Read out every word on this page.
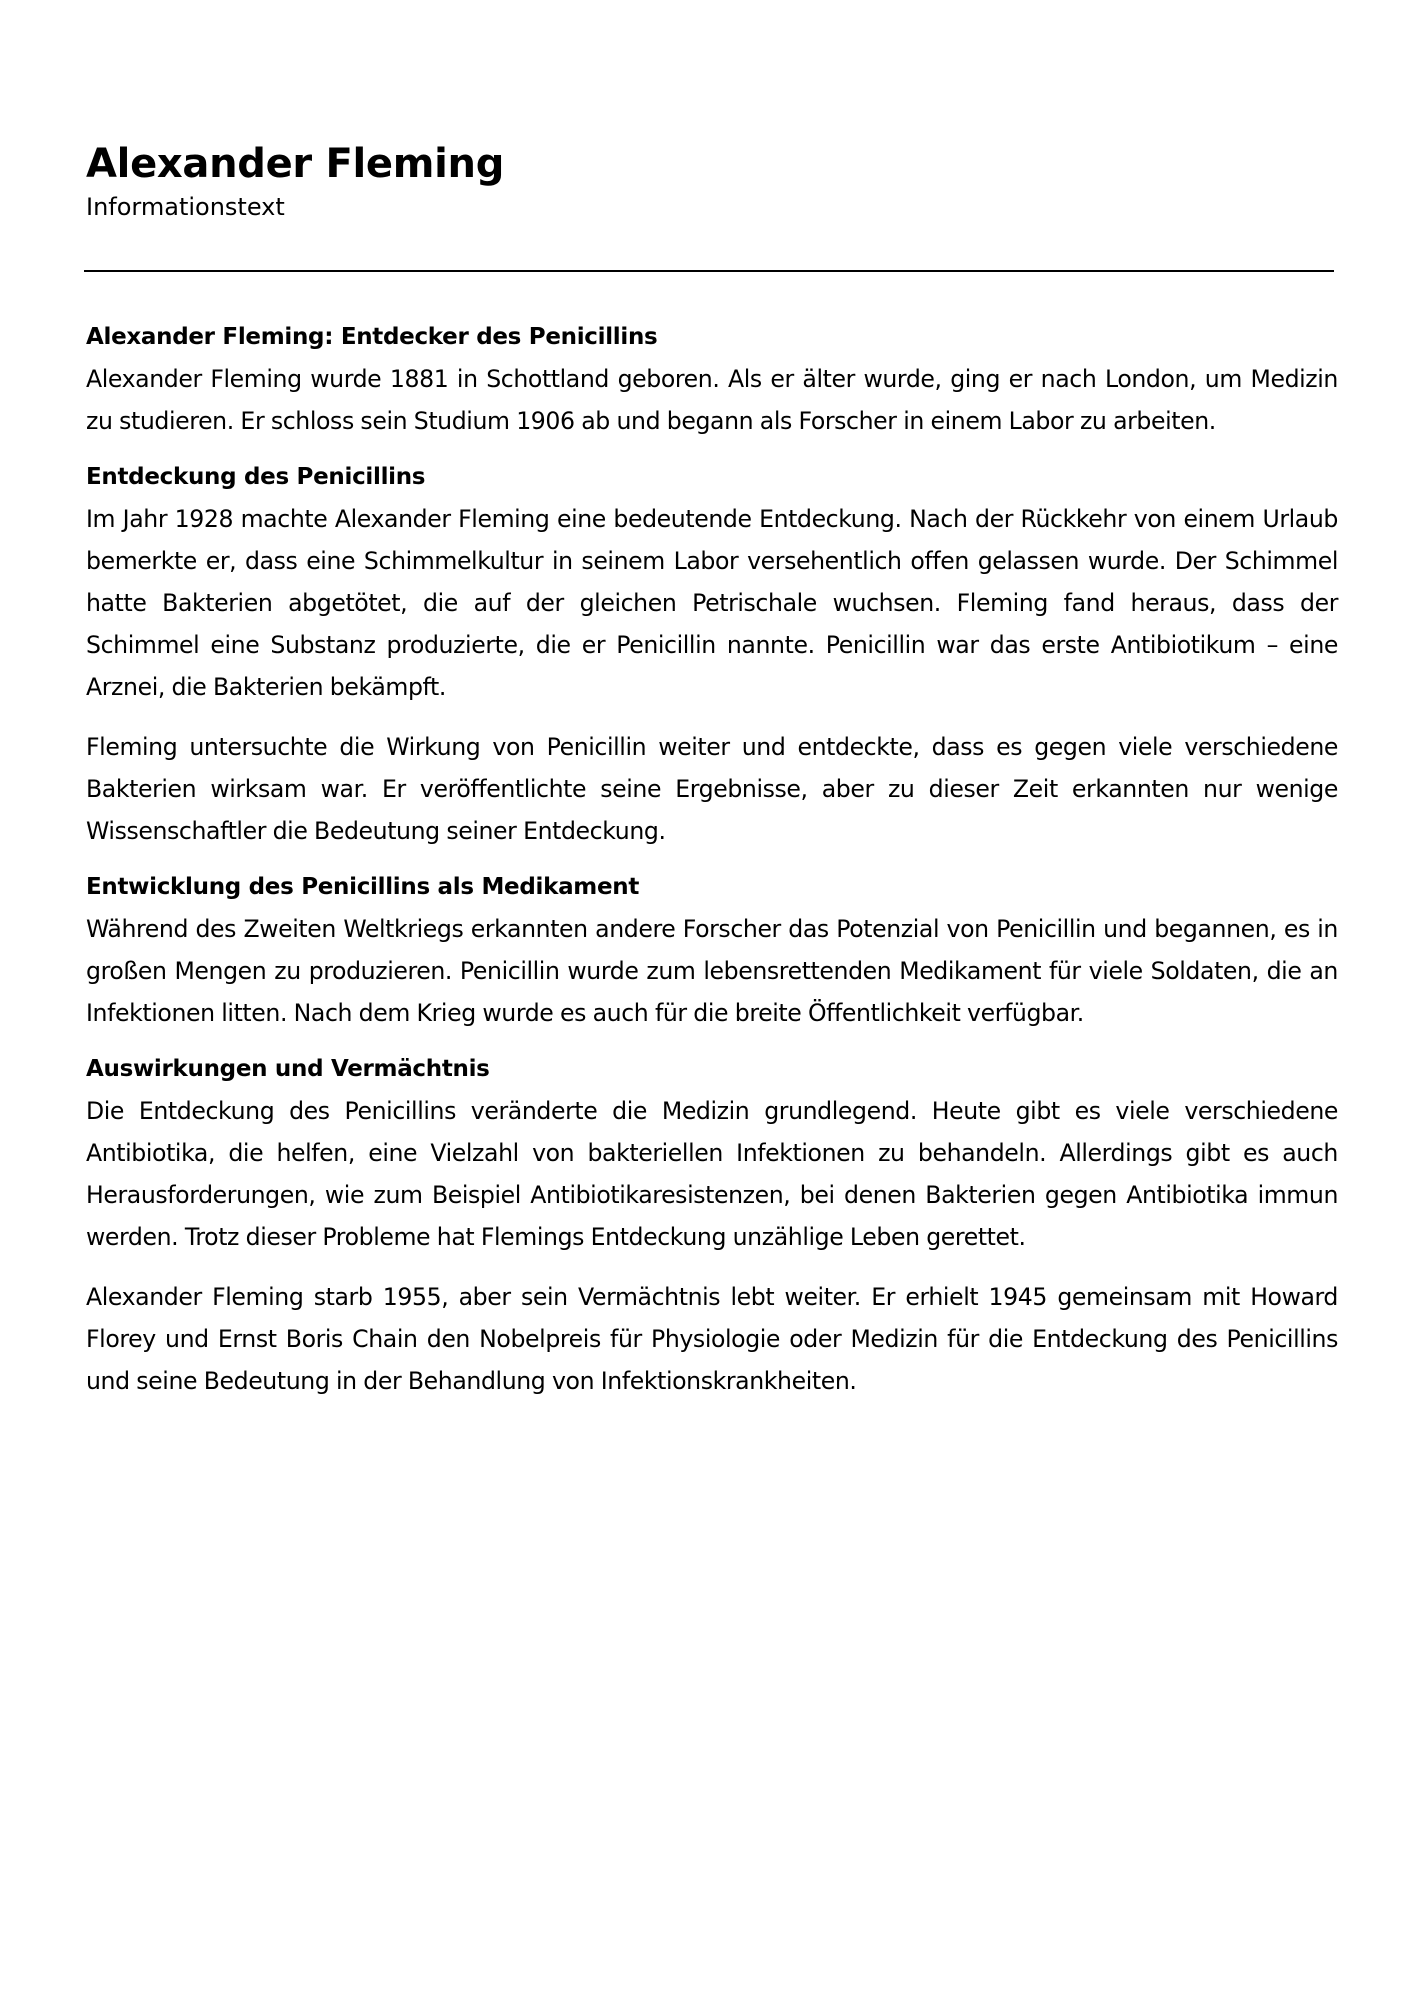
Alexander Fleming

Informationstext

Alexander Fleming: Entdecker des Penicillins

Alexander Fleming wurde 1881 in Schottland geboren. Als er älter wurde, ging er nach London, um Medizin zu studieren. Er schloss sein Studium 1906 ab und begann als Forscher in einem Labor zu arbeiten.

Entdeckung des Penicillins

Im Jahr 1928 machte Alexander Fleming eine bedeutende Entdeckung. Nach der Rückkehr von einem Urlaub bemerkte er, dass eine Schimmelkultur in seinem Labor versehentlich offen gelassen wurde. Der Schimmel hatte Bakterien abgetötet, die auf der gleichen Petrischale wuchsen. Fleming fand heraus, dass der Schimmel eine Substanz produzierte, die er Penicillin nannte. Penicillin war das erste Antibiotikum – eine Arznei, die Bakterien bekämpft.

Fleming untersuchte die Wirkung von Penicillin weiter und entdeckte, dass es gegen viele verschiedene Bakterien wirksam war. Er veröffentlichte seine Ergebnisse, aber zu dieser Zeit erkannten nur wenige Wissenschaftler die Bedeutung seiner Entdeckung.

Entwicklung des Penicillins als Medikament

Während des Zweiten Weltkriegs erkannten andere Forscher das Potenzial von Penicillin und begannen, es in großen Mengen zu produzieren. Penicillin wurde zum lebensrettenden Medikament für viele Soldaten, die an Infektionen litten. Nach dem Krieg wurde es auch für die breite Öffentlichkeit verfügbar.

Auswirkungen und Vermächtnis

Die Entdeckung des Penicillins veränderte die Medizin grundlegend. Heute gibt es viele verschiedene Antibiotika, die helfen, eine Vielzahl von bakteriellen Infektionen zu behandeln. Allerdings gibt es auch Herausforderungen, wie zum Beispiel Antibiotikaresistenzen, bei denen Bakterien gegen Antibiotika immun werden. Trotz dieser Probleme hat Flemings Entdeckung unzählige Leben gerettet.

Alexander Fleming starb 1955, aber sein Vermächtnis lebt weiter. Er erhielt 1945 gemeinsam mit Howard Florey und Ernst Boris Chain den Nobelpreis für Physiologie oder Medizin für die Entdeckung des Penicillins und seine Bedeutung in der Behandlung von Infektionskrankheiten.
